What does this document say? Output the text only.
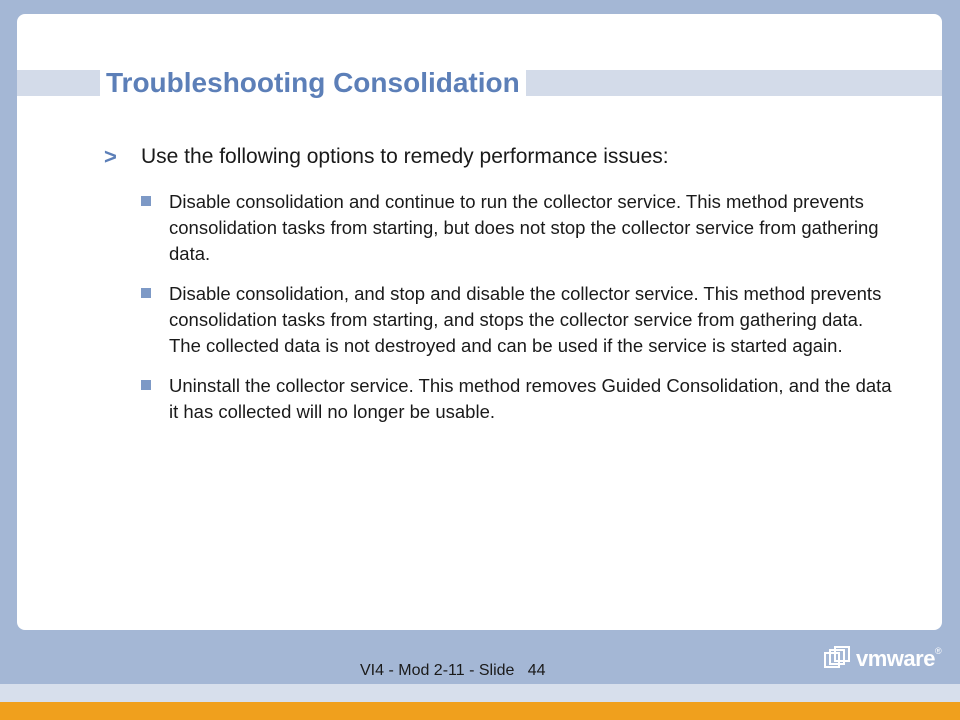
Troubleshooting Consolidation
> Use the following options to remedy performance issues:
Disable consolidation and continue to run the collector service. This method prevents consolidation tasks from starting, but does not stop the collector service from gathering data.
Disable consolidation, and stop and disable the collector service. This method prevents consolidation tasks from starting, and stops the collector service from gathering data. The collected data is not destroyed and can be used if the service is started again.
Uninstall the collector service. This method removes Guided Consolidation, and the data it has collected will no longer be usable.
VI4 - Mod 2-11 - Slide   44	vmware®
